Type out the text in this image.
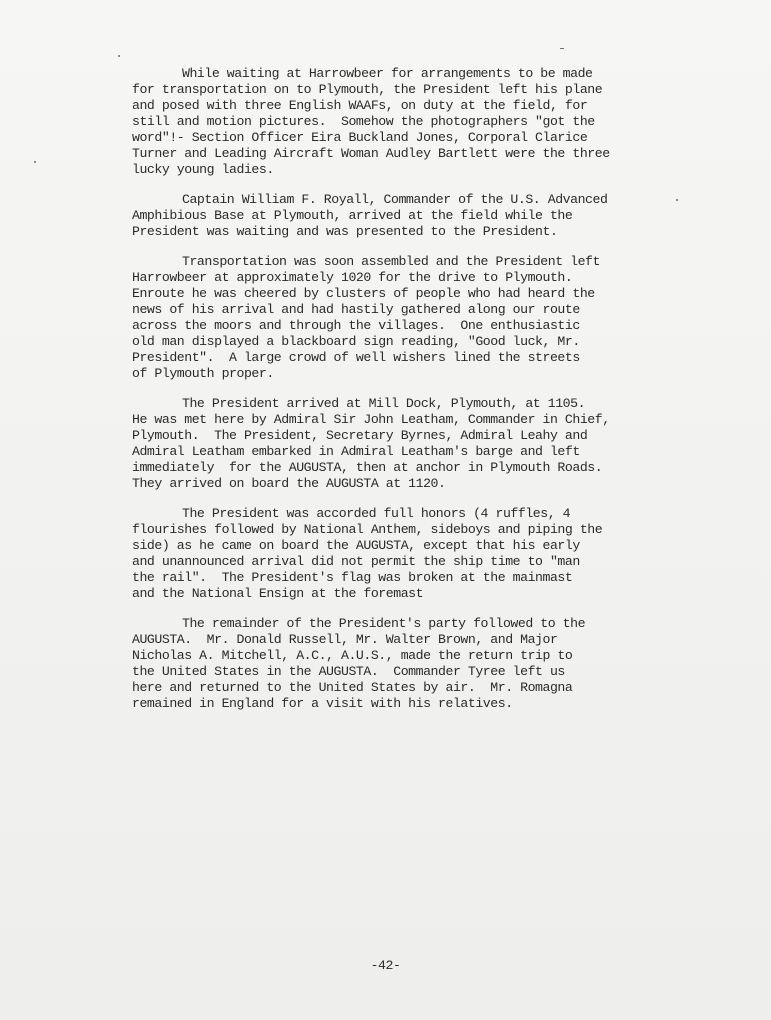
While waiting at Harrowbeer for arrangements to be made
for transportation on to Plymouth, the President left his plane
and posed with three English WAAFs, on duty at the field, for
still and motion pictures.  Somehow the photographers "got the
word"!- Section Officer Eira Buckland Jones, Corporal Clarice
Turner and Leading Aircraft Woman Audley Bartlett were the three
lucky young ladies.

Captain William F. Royall, Commander of the U.S. Advanced
Amphibious Base at Plymouth, arrived at the field while the
President was waiting and was presented to the President.

Transportation was soon assembled and the President left
Harrowbeer at approximately 1020 for the drive to Plymouth.
Enroute he was cheered by clusters of people who had heard the
news of his arrival and had hastily gathered along our route
across the moors and through the villages.  One enthusiastic
old man displayed a blackboard sign reading, "Good luck, Mr.
President".  A large crowd of well wishers lined the streets
of Plymouth proper.

The President arrived at Mill Dock, Plymouth, at 1105.
He was met here by Admiral Sir John Leatham, Commander in Chief,
Plymouth.  The President, Secretary Byrnes, Admiral Leahy and
Admiral Leatham embarked in Admiral Leatham's barge and left
immediately  for the AUGUSTA, then at anchor in Plymouth Roads.
They arrived on board the AUGUSTA at 1120.

The President was accorded full honors (4 ruffles, 4
flourishes followed by National Anthem, sideboys and piping the
side) as he came on board the AUGUSTA, except that his early
and unannounced arrival did not permit the ship time to "man
the rail".  The President's flag was broken at the mainmast
and the National Ensign at the foremast

The remainder of the President's party followed to the
AUGUSTA.  Mr. Donald Russell, Mr. Walter Brown, and Major
Nicholas A. Mitchell, A.C., A.U.S., made the return trip to
the United States in the AUGUSTA.  Commander Tyree left us
here and returned to the United States by air.  Mr. Romagna
remained in England for a visit with his relatives.

-42-
